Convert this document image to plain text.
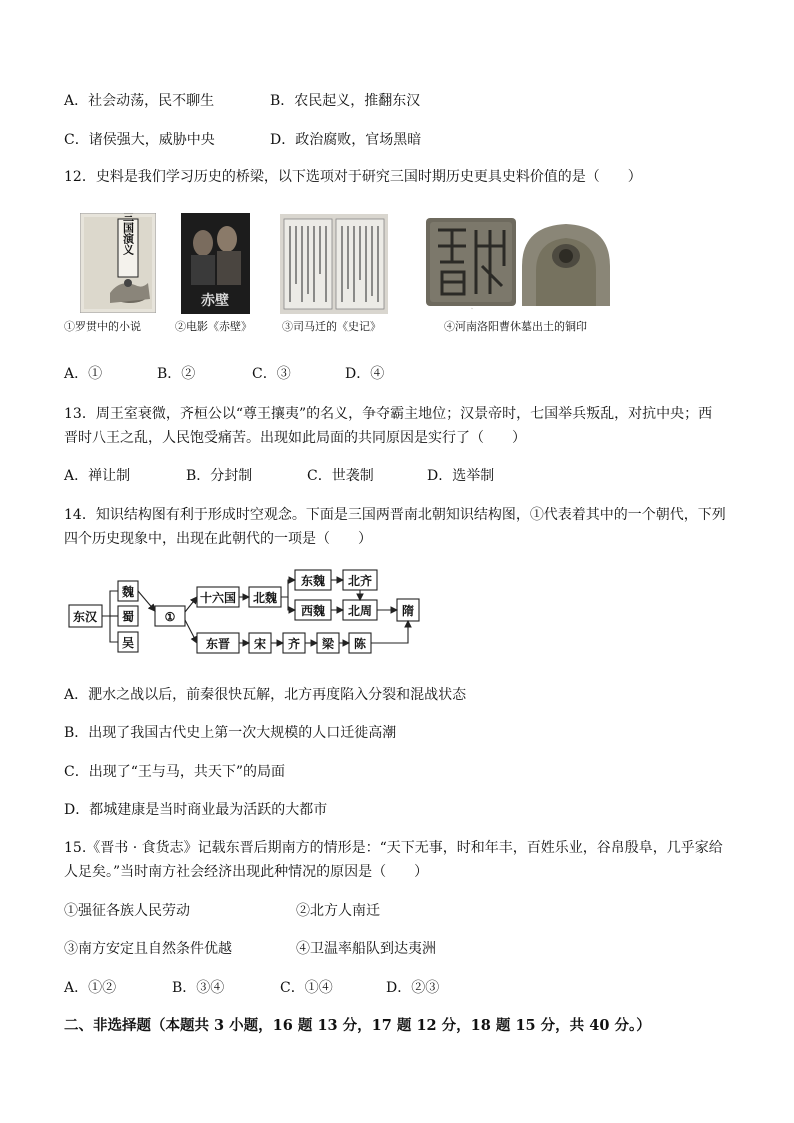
A．社会动荡，民不聊生	B．农民起义，推翻东汉
C．诸侯强大，威胁中央	D．政治腐败，官场黑暗
12．史料是我们学习历史的桥梁，以下选项对于研究三国时期历史更具史料价值的是（　　）
三国演义
赤壁
曹休
①罗贯中的小说	②电影《赤壁》	③司马迁的《史记》	④河南洛阳曹休墓出土的铜印
A．①	B．②	C．③	D．④
13．周王室衰微，齐桓公以“尊王攘夷”的名义，争夺霸主地位；汉景帝时，七国举兵叛乱，对抗中央；西
晋时八王之乱，人民饱受痛苦。出现如此局面的共同原因是实行了（　　）
A．禅让制	B．分封制	C．世袭制	D．选举制
14．知识结构图有利于形成时空观念。下面是三国两晋南北朝知识结构图，①代表着其中的一个朝代，下列
四个历史现象中，出现在此朝代的一项是（　　）
东汉
魏
蜀
吴
①
十六国 北魏
东魏 北齐
西魏 北周 隋
东晋 宋 齐 梁 陈
A．淝水之战以后，前秦很快瓦解，北方再度陷入分裂和混战状态
B．出现了我国古代史上第一次大规模的人口迁徙高潮
C．出现了“王与马，共天下”的局面
D．都城建康是当时商业最为活跃的大都市
15.《晋书 · 食货志》记载东晋后期南方的情形是：“天下无事，时和年丰，百姓乐业，谷帛殷阜，几乎家给
人足矣。”当时南方社会经济出现此种情况的原因是（　　）
①强征各族人民劳动	②北方人南迁
③南方安定且自然条件优越	④卫温率船队到达夷洲
A．①②	B．③④	C．①④	D．②③
二、非选择题（本题共 3 小题，16 题 13 分，17 题 12 分，18 题 15 分，共 40 分。）
